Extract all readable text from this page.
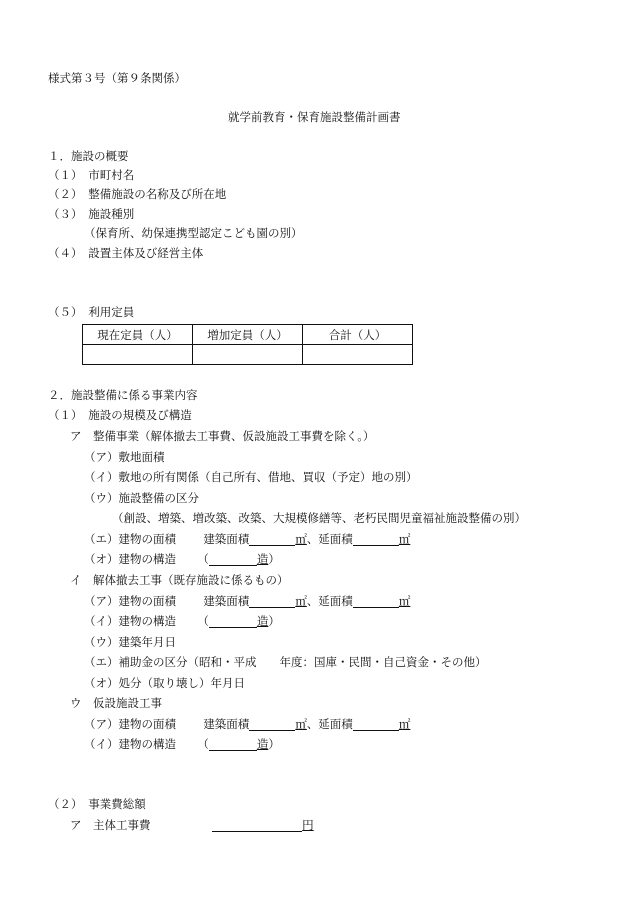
様式第３号（第９条関係）
就学前教育・保育施設整備計画書
１．施設の概要
（１）　市町村名
（２）　整備施設の名称及び所在地
（３）　施設種別
（保育所、幼保連携型認定こども園の別）
（４）　設置主体及び経営主体
（５）　利用定員
現在定員（人）	増加定員（人）	合計（人）

２．施設整備に係る事業内容
（１）　施設の規模及び構造
ア　整備事業（解体撤去工事費、仮設施設工事費を除く。）
（ア）敷地面積
（イ）敷地の所有関係（自己所有、借地、買収（予定）地の別）
（ウ）施設整備の区分
（創設、増築、増改築、改築、大規模修繕等、老朽民間児童福祉施設整備の別）
（エ）建物の面積 建築面積	㎡、延面積	㎡
（オ）建物の構造 （	造）
イ　解体撤去工事（既存施設に係るもの）
（ア）建物の面積 建築面積	㎡、延面積	㎡
（イ）建物の構造 （	造）
（ウ）建築年月日
（エ）補助金の区分（昭和・平成　　年度：国庫・民間・自己資金・その他）
（オ）処分（取り壊し）年月日
ウ　仮設施設工事
（ア）建物の面積 建築面積	㎡、延面積	㎡
（イ）建物の構造 （	造）
（２）　事業費総額
ア　主体工事費	円
